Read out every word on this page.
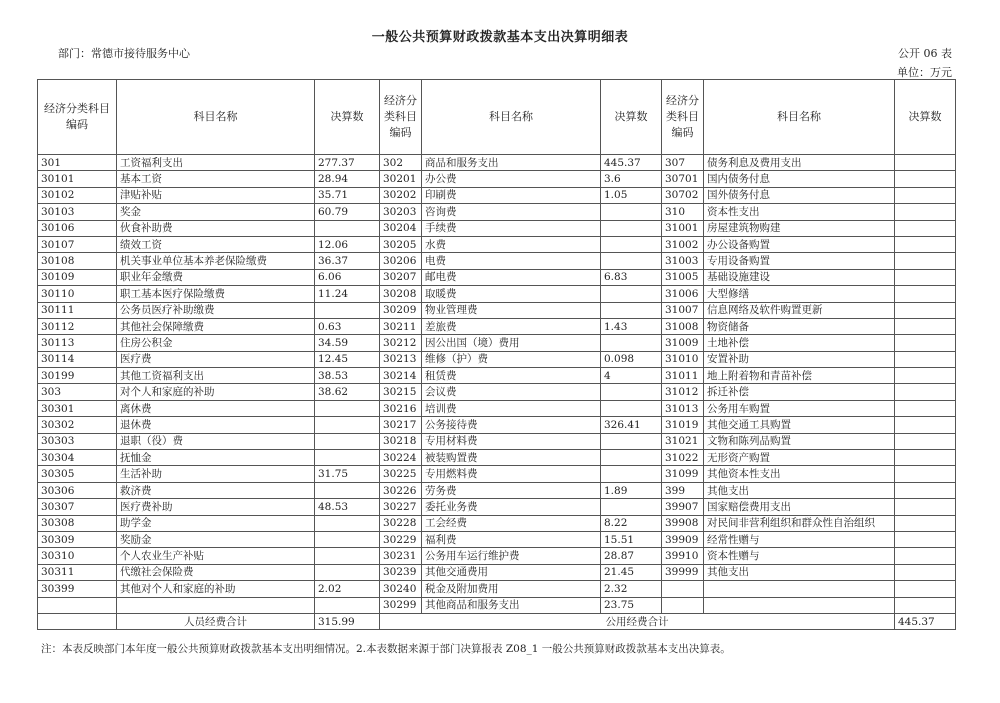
一般公共预算财政拨款基本支出决算明细表
部门：常德市接待服务中心	公开 06 表
单位：万元
经济分类科目编码	科目名称	决算数	经济分类科目编码	科目名称	决算数	经济分类科目编码	科目名称	决算数
301	工资福利支出	277.37	302	商品和服务支出	445.37	307	债务利息及费用支出	
30101	基本工资	28.94	30201	办公费	3.6	30701	国内债务付息	
30102	津贴补贴	35.71	30202	印刷费	1.05	30702	国外债务付息	
30103	奖金	60.79	30203	咨询费		310	资本性支出	
30106	伙食补助费		30204	手续费		31001	房屋建筑物购建	
30107	绩效工资	12.06	30205	水费		31002	办公设备购置	
30108	机关事业单位基本养老保险缴费	36.37	30206	电费		31003	专用设备购置	
30109	职业年金缴费	6.06	30207	邮电费	6.83	31005	基础设施建设	
30110	职工基本医疗保险缴费	11.24	30208	取暖费		31006	大型修缮	
30111	公务员医疗补助缴费		30209	物业管理费		31007	信息网络及软件购置更新	
30112	其他社会保障缴费	0.63	30211	差旅费	1.43	31008	物资储备	
30113	住房公积金	34.59	30212	因公出国（境）费用		31009	土地补偿	
30114	医疗费	12.45	30213	维修（护）费	0.098	31010	安置补助	
30199	其他工资福利支出	38.53	30214	租赁费	4	31011	地上附着物和青苗补偿	
303	对个人和家庭的补助	38.62	30215	会议费		31012	拆迁补偿	
30301	离休费		30216	培训费		31013	公务用车购置	
30302	退休费		30217	公务接待费	326.41	31019	其他交通工具购置	
30303	退职（役）费		30218	专用材料费		31021	文物和陈列品购置	
30304	抚恤金		30224	被装购置费		31022	无形资产购置	
30305	生活补助	31.75	30225	专用燃料费		31099	其他资本性支出	
30306	救济费		30226	劳务费	1.89	399	其他支出	
30307	医疗费补助	48.53	30227	委托业务费		39907	国家赔偿费用支出	
30308	助学金		30228	工会经费	8.22	39908	对民间非营利组织和群众性自治组织	
30309	奖励金		30229	福利费	15.51	39909	经常性赠与	
30310	个人农业生产补贴		30231	公务用车运行维护费	28.87	39910	资本性赠与	
30311	代缴社会保险费		30239	其他交通费用	21.45	39999	其他支出	
30399	其他对个人和家庭的补助	2.02	30240	税金及附加费用	2.32			
			30299	其他商品和服务支出	23.75			
	人员经费合计	315.99	公用经费合计					445.37
注：本表反映部门本年度一般公共预算财政拨款基本支出明细情况。2.本表数据来源于部门决算报表 Z08_1 一般公共预算财政拨款基本支出决算表。
